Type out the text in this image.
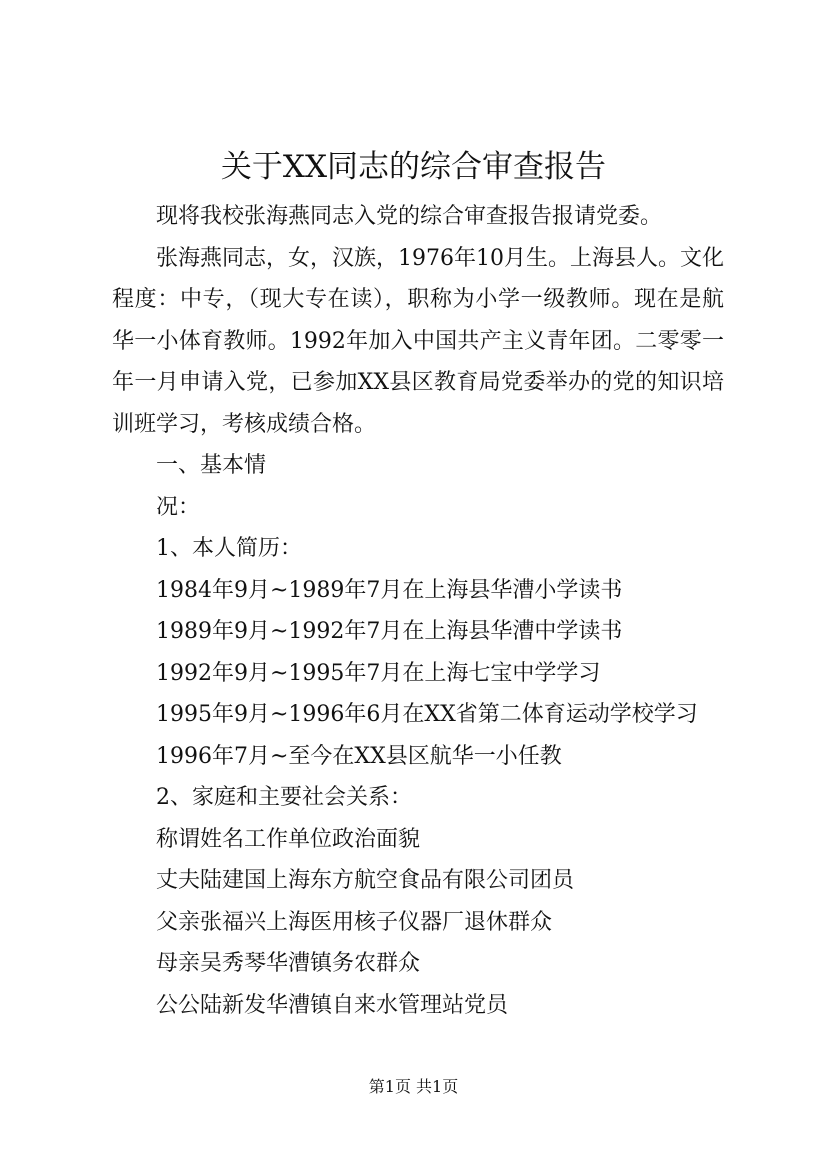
关于XX同志的综合审查报告

现将我校张海燕同志入党的综合审查报告报请党委。

张海燕同志，女，汉族，1976年10月生。上海县人。文化程度：中专，（现大专在读），职称为小学一级教师。现在是航华一小体育教师。1992年加入中国共产主义青年团。二零零一年一月申请入党，已参加XX县区教育局党委举办的党的知识培训班学习，考核成绩合格。

一、基本情

况：

1、本人简历：

1984年9月~1989年7月在上海县华漕小学读书

1989年9月~1992年7月在上海县华漕中学读书

1992年9月~1995年7月在上海七宝中学学习

1995年9月~1996年6月在XX省第二体育运动学校学习

1996年7月~至今在XX县区航华一小任教

2、家庭和主要社会关系：

称谓姓名工作单位政治面貌

丈夫陆建国上海东方航空食品有限公司团员

父亲张福兴上海医用核子仪器厂退休群众

母亲吴秀琴华漕镇务农群众

公公陆新发华漕镇自来水管理站党员

第1页 共1页
